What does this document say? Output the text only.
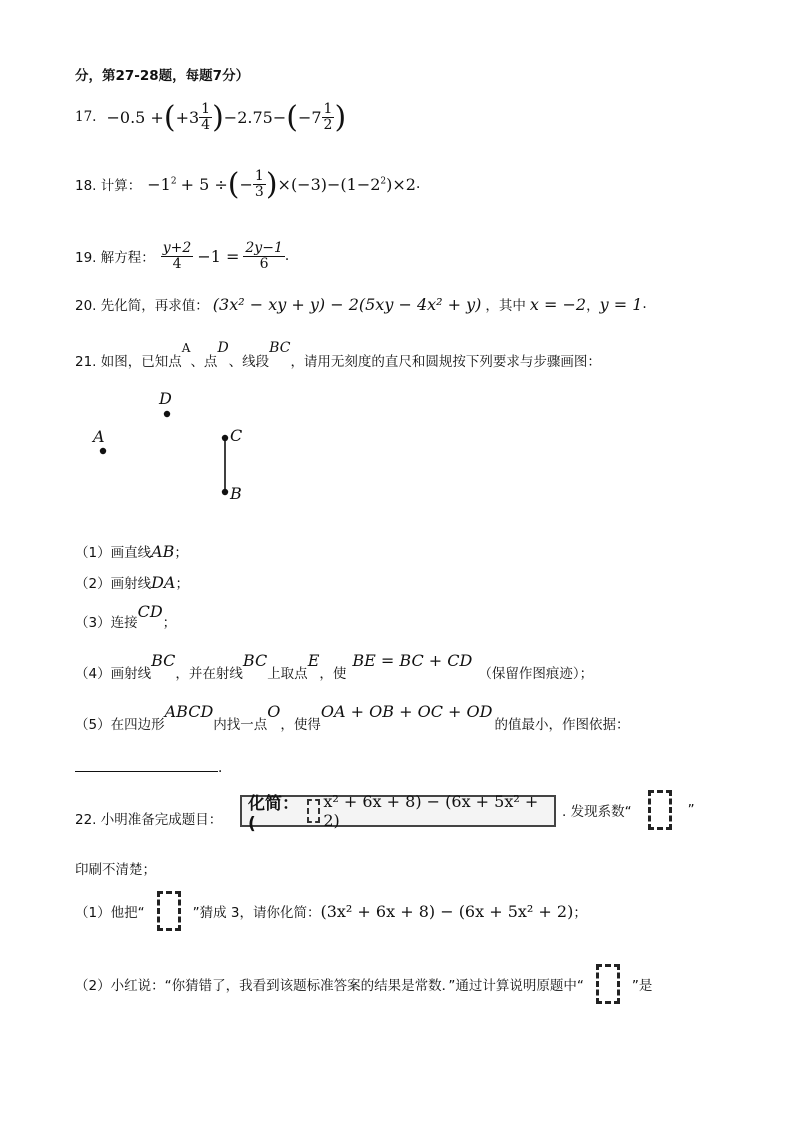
分，第27-28题，每题7分）
17. −0.5 + ( $+3 \frac{1}{4}$ ) −2.75 − ( $-7 \frac{1}{2}$ )
18. 计算： $-1^2 + 5$ ÷ ( − $\frac{1}{3}$ ) $\times(-3)-(1-2^2$ )×2 .
19. 解方程： $\frac{y+2}{4} -1 = \frac{2y-1}{6}$ .
20. 先化简，再求值： (3x² − xy + y) − 2(5xy − 4x² + y) ，其中 x = −2 ， y = 1 .
$_{21. 如图,已知点}^A_{、点}D_{、线段}BC_{,请用无刻度的直尺和圆规按下列要求与步骤画图:}$
D
A	C
B
（1）画直线AB；
（2）画射线DA；
$_{(3)连接}CD_;$
$_{(4)画射线}BC_{,并在射线}BC_{上取点}E_{,使}BE$ = BC + $CD_{(保留作图痕迹);}$
$_{(5)在四边形}ABCD_{内找一点}O_{,使得}OA$ + OB + OC + $OD_{的值最小,作图依据:}$
.
22. 小明准备完成题目：
化简：(
x² + 6x + 8) − (6x + 5x² + 2)	. 发现系数“	”
印刷不清楚；
（1）他把“	”猜成 3，请你化简： (3x² + 6x + 8) − (6x + 5x² + 2) ；
（2）小红说：“你猜错了，我看到该题标准答案的结果是常数．”通过计算说明原题中“	”是
